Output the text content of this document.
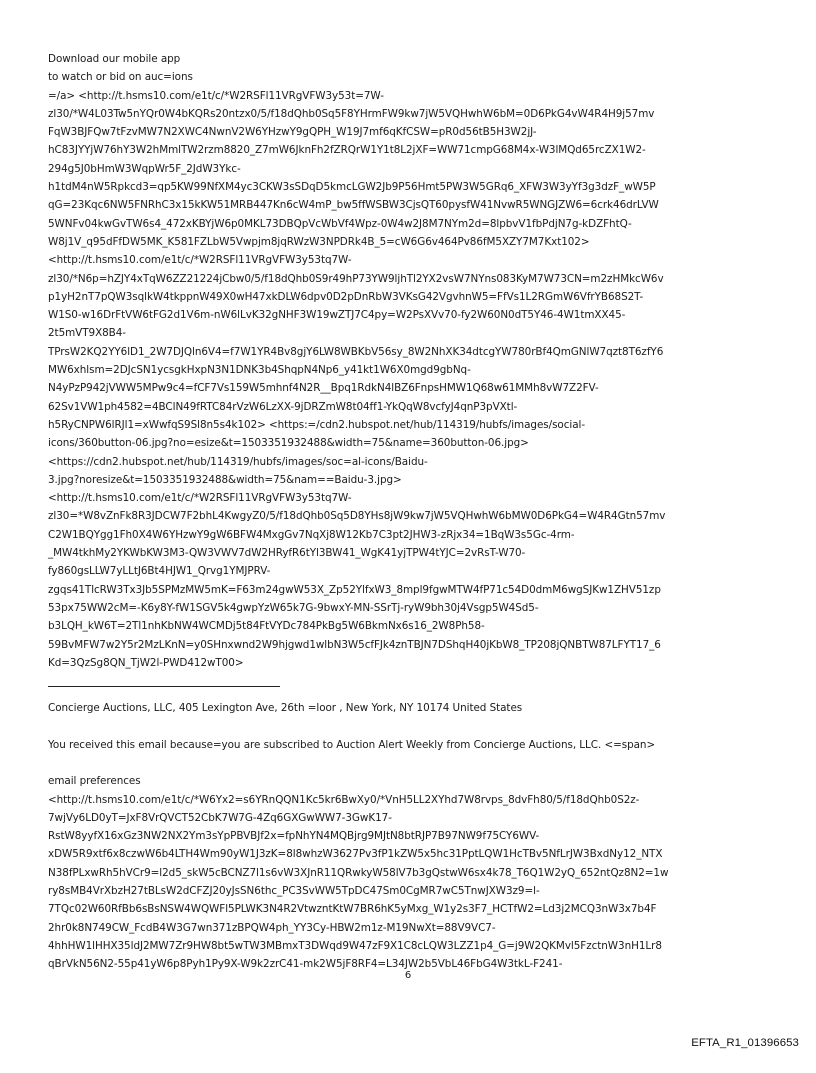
Download our mobile app
to watch or bid on auc=ions
=/a> <http://t.hsms10.com/e1t/c/*W2RSFl11VRgVFW3y53t=7W-
zl30/*W4L03Tw5nYQr0W4bKQRs20ntzx0/5/f18dQhb0Sq5F8YHrmFW9kw7jW5VQHwhW6bM=0D6PkG4vW4R4H9j57mv
FqW3BJFQw7tFzvMW7N2XWC4NwnV2W6YHzwY9gQPH_W19J7mf6qKfCSW=pR0d56tB5H3W2jJ-
hC83JYYjW76hY3W2hMmlTW2rzm8820_Z7mW6JknFh2fZRQrW1Y1t8L2jXF=WW71cmpG68M4x-W3lMQd65rcZX1W2-
294g5J0bHmW3WqpWr5F_2JdW3Ykc-
h1tdM4nW5Rpkcd3=qp5KW99NfXM4yc3CKW3sSDqD5kmcLGW2Jb9P56Hmt5PW3W5GRq6_XFW3W3yYf3g3dzF_wW5P
qG=23Kqc6NW5FNRhC3x15kKW51MRB447Kn6cW4mP_bw5ffWSBW3CjsQT60pysfW41NvwR5WNGJZW6=6crk46drLVW
5WNFv04kwGvTW6s4_472xKBYjW6p0MKL73DBQpVcWbVf4Wpz-0W4w2J8M7NYm2d=8lpbvV1fbPdjN7g-kDZFhtQ-
W8j1V_q95dFfDW5MK_K581FZLbW5Vwpjm8jqRWzW3NPDRk4B_5=cW6G6v464Pv86fM5XZY7M7Kxt102>
<http://t.hsms10.com/e1t/c/*W2RSFl11VRgVFW3y53tq7W-
zl30/*N6p=hZJY4xTqW6ZZ21224jCbw0/5/f18dQhb0S9r49hP73YW9ljhTl2YX2vsW7NYns083KyM7W73CN=m2zHMkcW6v
p1yH2nT7pQW3sqlkW4tkppnW49X0wH47xkDLW6dpv0D2pDnRbW3VKsG42VgvhnW5=FfVs1L2RGmW6VfrYB68S2T-
W1S0-w16DrFtVW6tFG2d1V6m-nW6lLvK32gNHF3W19wZTJ7C4py=W2PsXVv70-fy2W60N0dT5Y46-4W1tmXX45-
2t5mVT9X8B4-
TPrsW2KQ2YY6lD1_2W7DJQln6V4=f7W1YR4Bv8gjY6LW8WBKbV56sy_8W2NhXK34dtcgYW780rBf4QmGNlW7qzt8T6zfY6
MW6xhlsm=2DJcSN1ycsgkHxpN3N1DNK3b4ShqpN4Np6_y41kt1W6X0mgd9gbNq-
N4yPzP942jVWW5MPw9c4=fCF7Vs159W5mhnf4N2R__Bpq1RdkN4lBZ6FnpsHMW1Q68w61MMh8vW7Z2FV-
62Sv1VW1ph4582=4BClN49fRTC84rVzW6LzXX-9jDRZmW8t04ff1-YkQqW8vcfyJ4qnP3pVXtl-
h5RyCNPW6lRJl1=xWwfqS9Sl8n5s4k102> <https:=/cdn2.hubspot.net/hub/114319/hubfs/images/social-
icons/360button-06.jpg?no=esize&t=1503351932488&width=75&name=360button-06.jpg>
<https://cdn2.hubspot.net/hub/114319/hubfs/images/soc=al-icons/Baidu-
3.jpg?noresize&t=1503351932488&width=75&nam==Baidu-3.jpg>
<http://t.hsms10.com/e1t/c/*W2RSFl11VRgVFW3y53tq7W-
zl30=*W8vZnFk8R3JDCW7F2bhL4KwgyZ0/5/f18dQhb0Sq5D8YHs8jW9kw7jW5VQHwhW6bMW0D6PkG4=W4R4Gtn57mv
C2W1BQYgg1Fh0X4W6YHzwY9gW6BFW4MxgGv7NqXj8W12Kb7C3pt2JHW3-zRjx34=1BqW3s5Gc-4rm-
_MW4tkhMy2YKWbKW3M3-QW3VWV7dW2HRyfR6tYl3BW41_WgK41yjTPW4tYJC=2vRsT-W70-
fy860gsLLW7yLLtJ6Bt4HJW1_Qrvg1YMJPRV-
zgqs41TlcRW3Tx3Jb5SPMzMW5mK=F63m24gwW53X_Zp52YlfxW3_8mpl9fgwMTW4fP71c54D0dmM6wgSJKw1ZHV51zp
53px75WW2cM=-K6y8Y-fW1SGV5k4gwpYzW65k7G-9bwxY-MN-SSrTj-ryW9bh30j4Vsgp5W4Sd5-
b3LQH_kW6T=2Tl1nhKbNW4WCMDj5t84FtVYDc784PkBg5W6BkmNx6s16_2W8Ph58-
59BvMFW7w2Y5r2MzLKnN=y0SHnxwnd2W9hjgwd1wlbN3W5cfFJk4znTBJN7DShqH40jKbW8_TP208jQNBTW87LFYT17_6
Kd=3QzSg8QN_TjW2l-PWD412wT00>
Concierge Auctions, LLC, 405 Lexington Ave, 26th =loor , New York, NY 10174 United States
You received this email because=you are subscribed to Auction Alert Weekly from Concierge Auctions, LLC. <=span>
email preferences
<http://t.hsms10.com/e1t/c/*W6Yx2=s6YRnQQN1Kc5kr6BwXy0/*VnH5LL2XYhd7W8rvps_8dvFh80/5/f18dQhb0S2z-
7wjVy6LD0yT=JxF8VrQVCT52CbK7W7G-4Zq6GXGwWW7-3GwK17-
RstW8yyfX16xGz3NW2NX2Ym3sYpPBVBJf2x=fpNhYN4MQBjrg9MJtN8btRJP7B97NW9f75CY6WV-
xDW5R9xtf6x8czwW6b4LTH4Wm90yW1J3zK=8l8whzW3627Pv3fP1kZW5x5hc31PptLQW1HcTBv5NfLrJW3BxdNy12_NTX
N38fPLxwRh5hVCr9=l2d5_skW5cBCNZ7l1s6vW3XJnR11QRwkyW58lV7b3gQstwW6sx4k78_T6Q1W2yQ_652ntQz8N2=1w
ry8sMB4VrXbzH27tBLsW2dCFZJ20yJsSN6thc_PC3SvWW5TpDC47Sm0CgMR7wC5TnwJXW3z9=l-
7TQc02W60RfBb6sBsNSW4WQWFl5PLWK3N4R2VtwzntKtW7BR6hK5yMxg_W1y2s3F7_HCTfW2=Ld3j2MCQ3nW3x7b4F
2hr0k8N749CW_FcdB4W3G7wn371zBPQW4ph_YY3Cy-HBW2m1z-M19NwXt=88V9VC7-
4hhHW1lHHX35ldJ2MW7Zr9HW8bt5wTW3MBmxT3DWqd9W47zF9X1C8cLQW3LZZ1p4_G=j9W2QKMvl5FzctnW3nH1Lr8
qBrVkN56N2-55p41yW6p8Pyh1Py9X-W9k2zrC41-mk2W5jF8RF4=L34JW2b5VbL46FbG4W3tkL-F241-
6
EFTA_R1_01396653
